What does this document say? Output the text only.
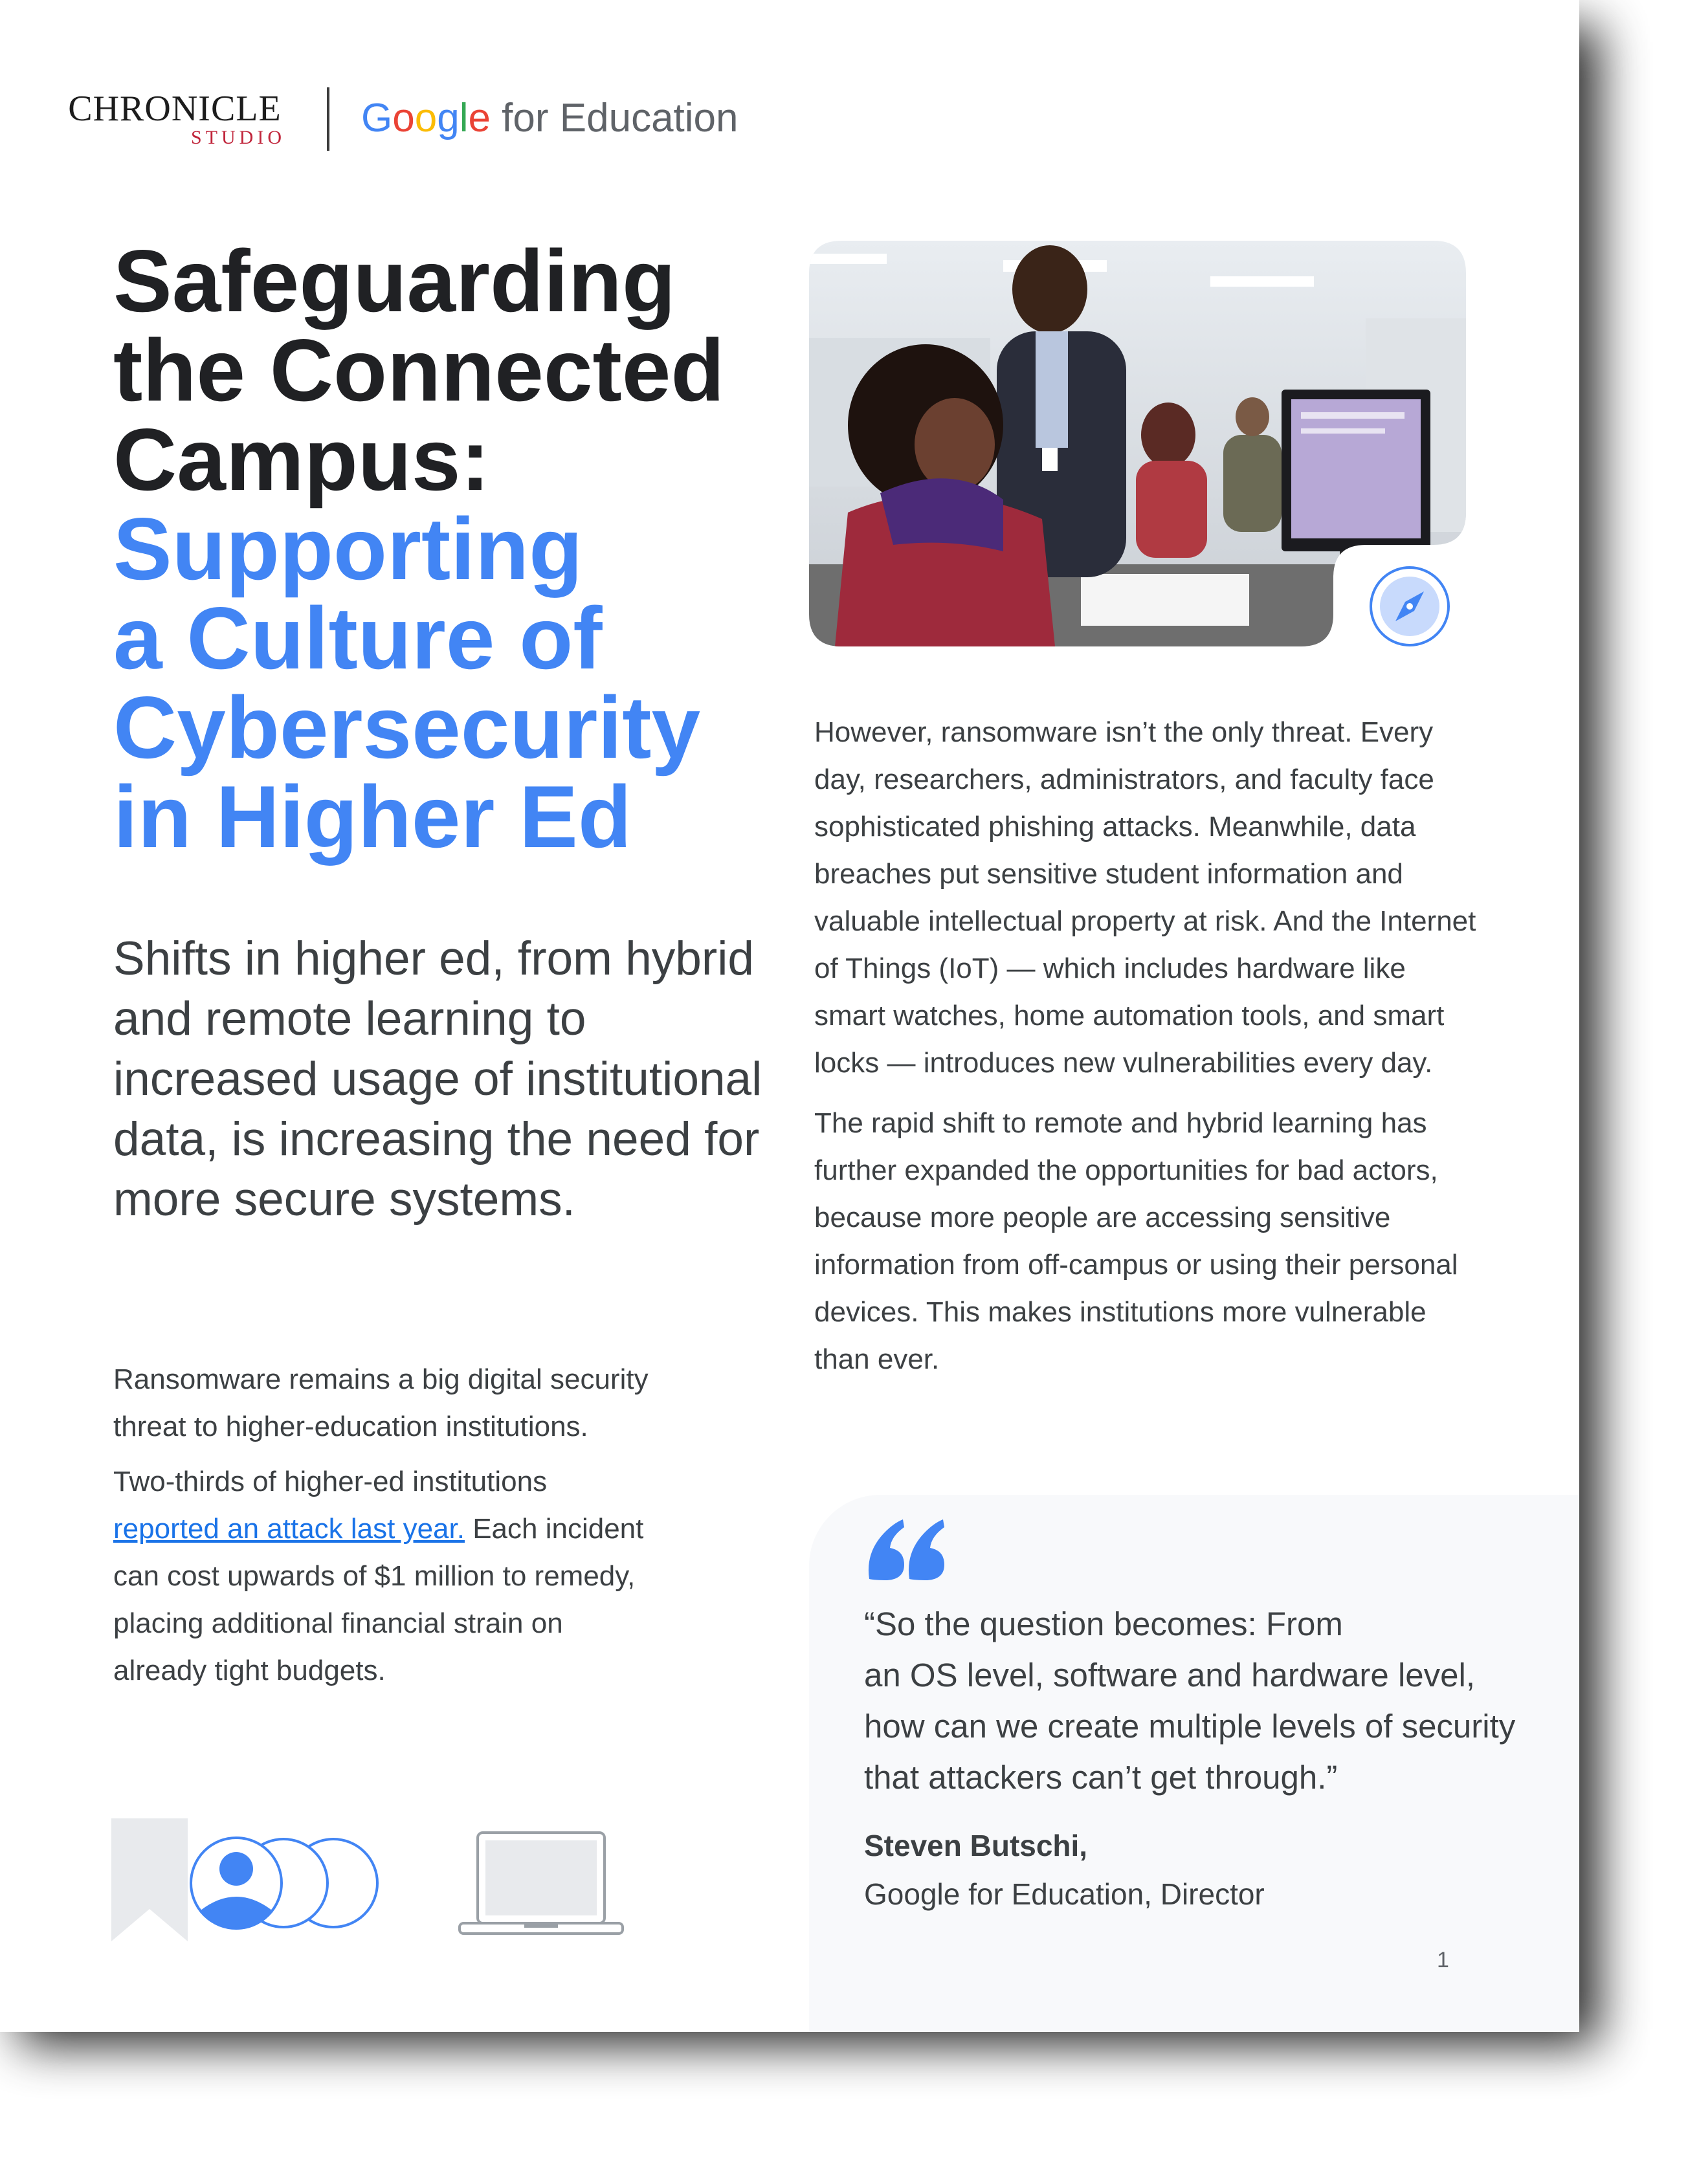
CHRONICLE
STUDIO Google for Education
Safeguarding
the Connected
Campus:
Supporting
a Culture of
Cybersecurity
in Higher Ed
Shifts in higher ed, from hybrid and remote learning to increased usage of institutional data, is increasing the need for more secure systems.

Ransomware remains a big digital security threat to higher-education institutions.

Two-thirds of higher-ed institutions reported an attack last year. Each incident can cost upwards of $1 million to remedy, placing additional financial strain on already tight budgets.

However, ransomware isn’t the only threat. Every day, researchers, administrators, and faculty face sophisticated phishing attacks. Meanwhile, data breaches put sensitive student information and valuable intellectual property at risk. And the Internet of Things (IoT) — which includes hardware like smart watches, home automation tools, and smart locks — introduces new vulnerabilities every day.

The rapid shift to remote and hybrid learning has further expanded the opportunities for bad actors, because more people are accessing sensitive information from off-campus or using their personal devices. This makes institutions more vulnerable than ever.

“So the question becomes: From
an OS level, software and hardware level, how can we create multiple levels of security that attackers can’t get through.”
Steven Butschi,
Google for Education, Director
1
